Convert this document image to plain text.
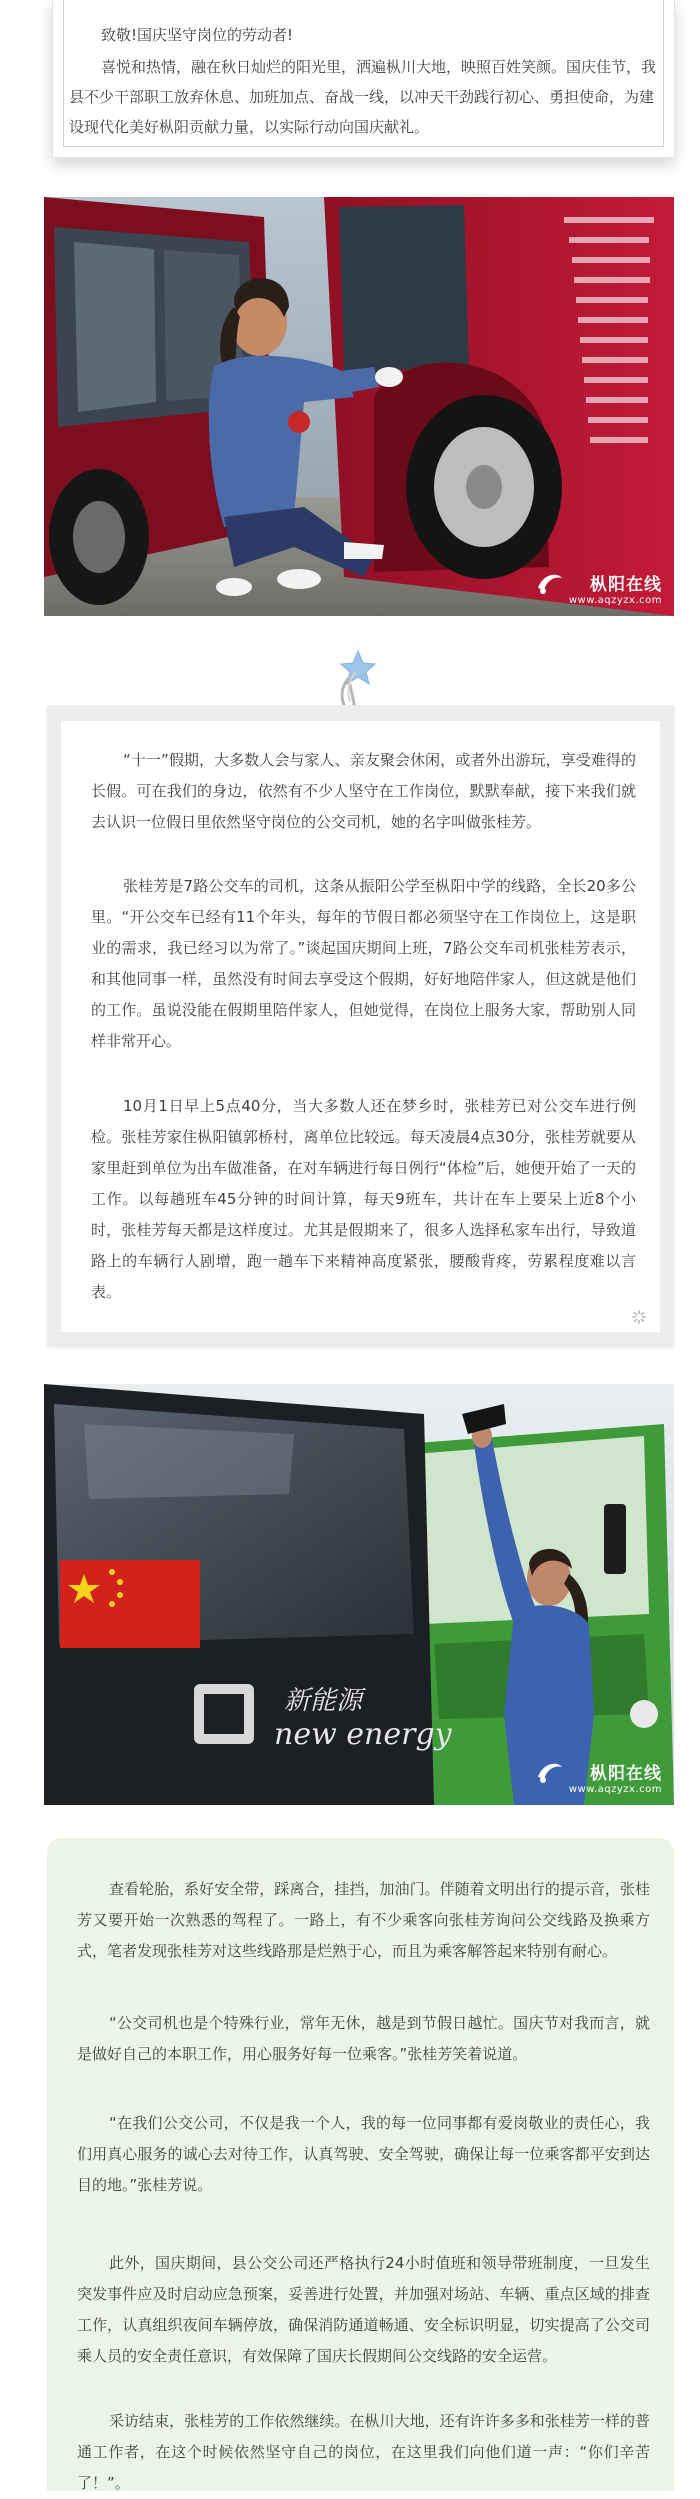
致敬!国庆坚守岗位的劳动者!

喜悦和热情，融在秋日灿烂的阳光里，洒遍枞川大地，映照百姓笑颜。国庆佳节，我县不少干部职工放弃休息、加班加点、奋战一线，以冲天干劲践行初心、勇担使命，为建设现代化美好枞阳贡献力量，以实际行动向国庆献礼。

枞阳在线
www.aqzyzx.com

“十一”假期，大多数人会与家人、亲友聚会休闲，或者外出游玩，享受难得的长假。可在我们的身边，依然有不少人坚守在工作岗位，默默奉献，接下来我们就去认识一位假日里依然坚守岗位的公交司机，她的名字叫做张桂芳。

张桂芳是7路公交车的司机，这条从振阳公学至枞阳中学的线路，全长20多公里。“开公交车已经有11个年头，每年的节假日都必须坚守在工作岗位上，这是职业的需求，我已经习以为常了。”谈起国庆期间上班，7路公交车司机张桂芳表示，和其他同事一样，虽然没有时间去享受这个假期，好好地陪伴家人，但这就是他们的工作。虽说没能在假期里陪伴家人，但她觉得，在岗位上服务大家，帮助别人同样非常开心。

10月1日早上5点40分，当大多数人还在梦乡时，张桂芳已对公交车进行例检。张桂芳家住枞阳镇郭桥村，离单位比较远。每天凌晨4点30分，张桂芳就要从家里赶到单位为出车做准备，在对车辆进行每日例行“体检”后，她便开始了一天的工作。以每趟班车45分钟的时间计算，每天9班车，共计在车上要呆上近8个小时，张桂芳每天都是这样度过。尤其是假期来了，很多人选择私家车出行，导致道路上的车辆行人剧增，跑一趟车下来精神高度紧张，腰酸背疼，劳累程度难以言表。

新能源
new energy
枞阳在线
www.aqzyzx.com

查看轮胎，系好安全带，踩离合，挂挡，加油门。伴随着文明出行的提示音，张桂芳又要开始一次熟悉的驾程了。一路上，有不少乘客向张桂芳询问公交线路及换乘方式，笔者发现张桂芳对这些线路那是烂熟于心，而且为乘客解答起来特别有耐心。

“公交司机也是个特殊行业，常年无休，越是到节假日越忙。国庆节对我而言，就是做好自己的本职工作，用心服务好每一位乘客。”张桂芳笑着说道。

“在我们公交公司，不仅是我一个人，我的每一位同事都有爱岗敬业的责任心，我们用真心服务的诚心去对待工作，认真驾驶、安全驾驶，确保让每一位乘客都平安到达目的地。”张桂芳说。

此外，国庆期间，县公交公司还严格执行24小时值班和领导带班制度，一旦发生突发事件应及时启动应急预案，妥善进行处置，并加强对场站、车辆、重点区域的排查工作，认真组织夜间车辆停放，确保消防通道畅通、安全标识明显，切实提高了公交司乘人员的安全责任意识，有效保障了国庆长假期间公交线路的安全运营。

采访结束，张桂芳的工作依然继续。在枞川大地，还有许许多多和张桂芳一样的普通工作者，在这个时候依然坚守自己的岗位，在这里我们向他们道一声：“你们辛苦了！”。
